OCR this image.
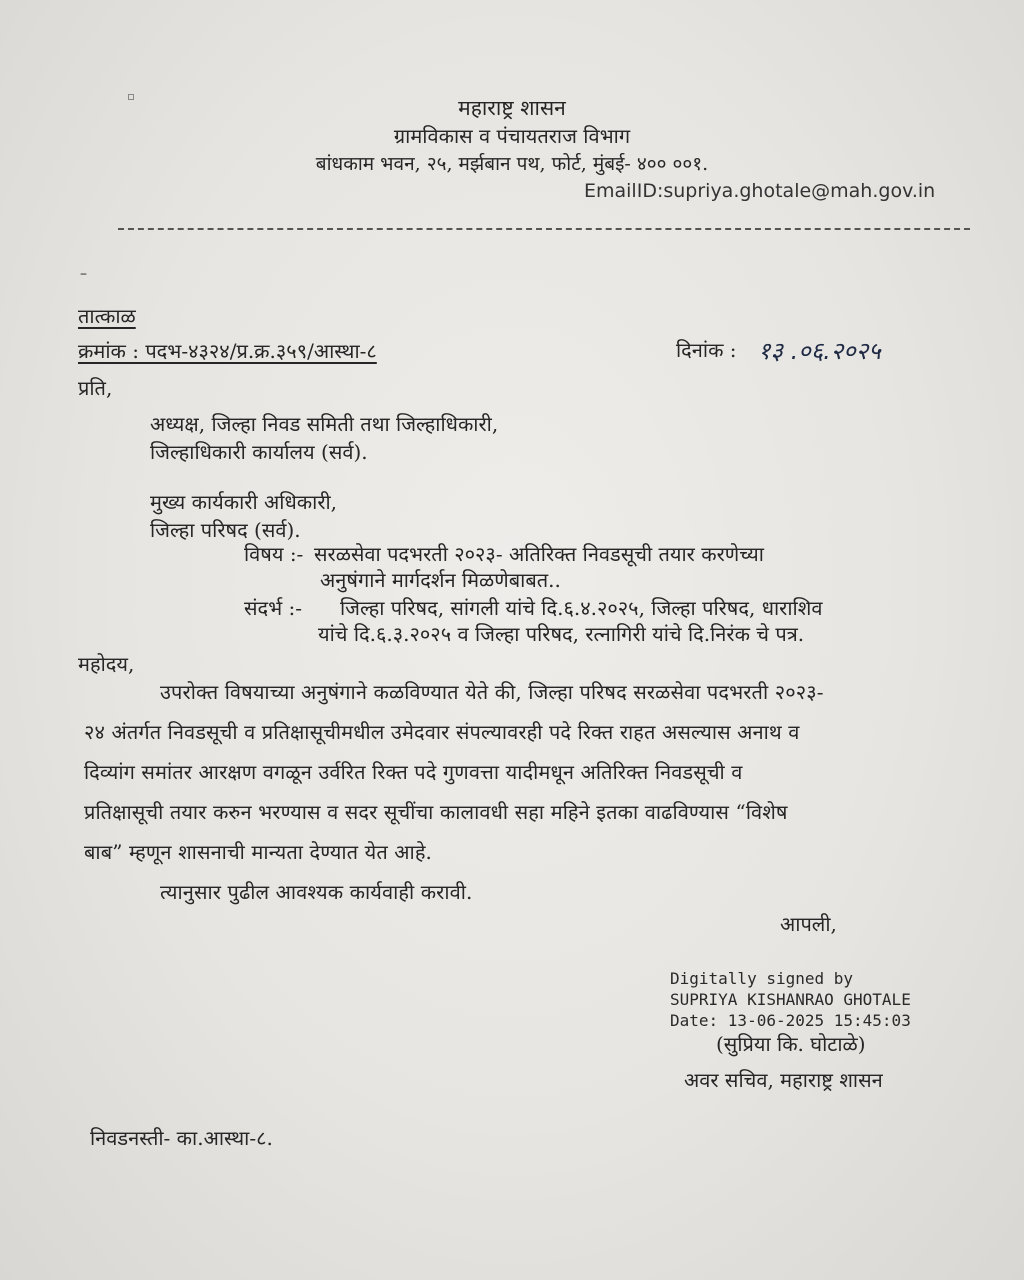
महाराष्ट्र शासन
ग्रामविकास व पंचायतराज विभाग
बांधकाम भवन, २५, मर्झबान पथ, फोर्ट, मुंबई- ४०० ००१.
EmailID:supriya.ghotale@mah.gov.in
–
तात्काळ
क्रमांक : पदभ-४३२४/प्र.क्र.३५९/आस्था-८	दिनांक : १३ .०६.२०२५
प्रति,
अध्यक्ष, जिल्हा निवड समिती तथा जिल्हाधिकारी,
जिल्हाधिकारी कार्यालय (सर्व).
मुख्य कार्यकारी अधिकारी,
जिल्हा परिषद (सर्व).
विषय :- सरळसेवा पदभरती २०२३- अतिरिक्त निवडसूची तयार करणेच्या
अनुषंगाने मार्गदर्शन मिळणेबाबत..
संदर्भ :- जिल्हा परिषद, सांगली यांचे दि.६.४.२०२५, जिल्हा परिषद, धाराशिव
यांचे दि.६.३.२०२५ व जिल्हा परिषद, रत्नागिरी यांचे दि.निरंक चे पत्र.
महोदय,
उपरोक्त विषयाच्या अनुषंगाने कळविण्यात येते की, जिल्हा परिषद सरळसेवा पदभरती २०२३-
२४ अंतर्गत निवडसूची व प्रतिक्षासूचीमधील उमेदवार संपल्यावरही पदे रिक्त राहत असल्यास अनाथ व
दिव्यांग समांतर आरक्षण वगळून उर्वरित रिक्त पदे गुणवत्ता यादीमधून अतिरिक्त निवडसूची व
प्रतिक्षासूची तयार करुन भरण्यास व सदर सूचींचा कालावधी सहा महिने इतका वाढविण्यास “विशेष
बाब” म्हणून शासनाची मान्यता देण्यात येत आहे.
त्यानुसार पुढील आवश्यक कार्यवाही करावी.
आपली,
Digitally signed by
SUPRIYA KISHANRAO GHOTALE
Date: 13-06-2025 15:45:03
(सुप्रिया कि. घोटाळे)
अवर सचिव, महाराष्ट्र शासन
निवडनस्ती- का.आस्था-८.
